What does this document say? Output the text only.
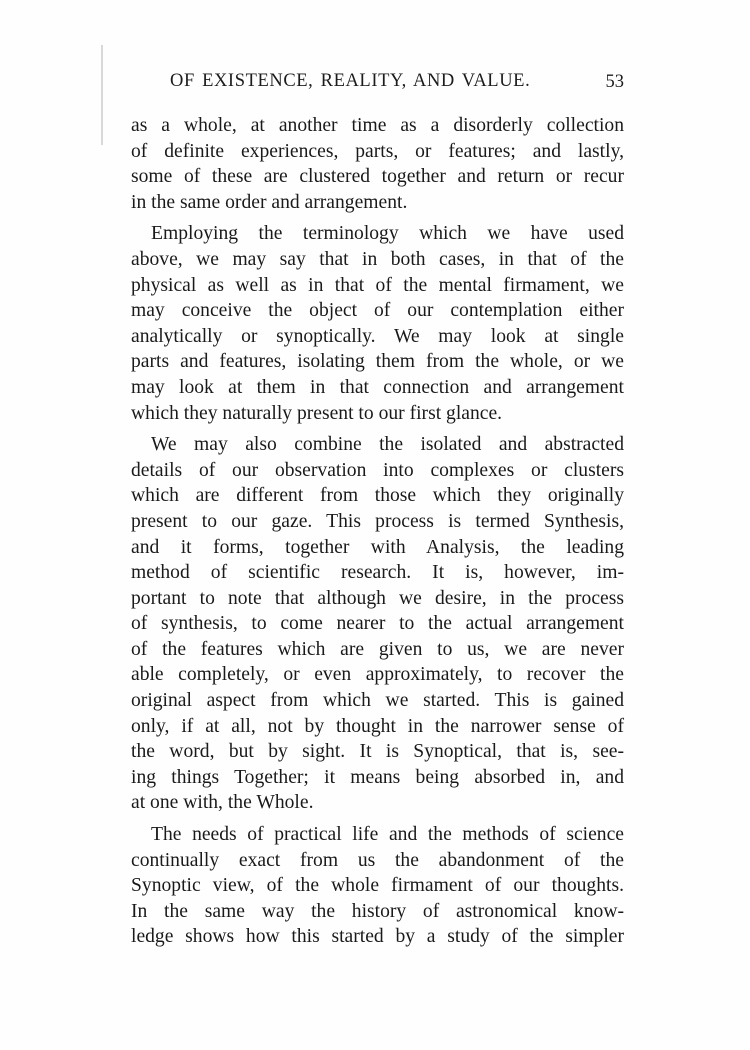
OF EXISTENCE, REALITY, AND VALUE.	53
as a whole, at another time as a disorderly collection
of definite experiences, parts, or features; and lastly,
some of these are clustered together and return or recur
in the same order and arrangement.
Employing the terminology which we have used
above, we may say that in both cases, in that of the
physical as well as in that of the mental firmament, we
may conceive the object of our contemplation either
analytically or synoptically. We may look at single
parts and features, isolating them from the whole, or we
may look at them in that connection and arrangement
which they naturally present to our first glance.
We may also combine the isolated and abstracted
details of our observation into complexes or clusters
which are different from those which they originally
present to our gaze. This process is termed Synthesis,
and it forms, together with Analysis, the leading
method of scientific research. It is, however, im-
portant to note that although we desire, in the process
of synthesis, to come nearer to the actual arrangement
of the features which are given to us, we are never
able completely, or even approximately, to recover the
original aspect from which we started. This is gained
only, if at all, not by thought in the narrower sense of
the word, but by sight. It is Synoptical, that is, see-
ing things Together; it means being absorbed in, and
at one with, the Whole.
The needs of practical life and the methods of science
continually exact from us the abandonment of the
Synoptic view, of the whole firmament of our thoughts.
In the same way the history of astronomical know-
ledge shows how this started by a study of the simpler
